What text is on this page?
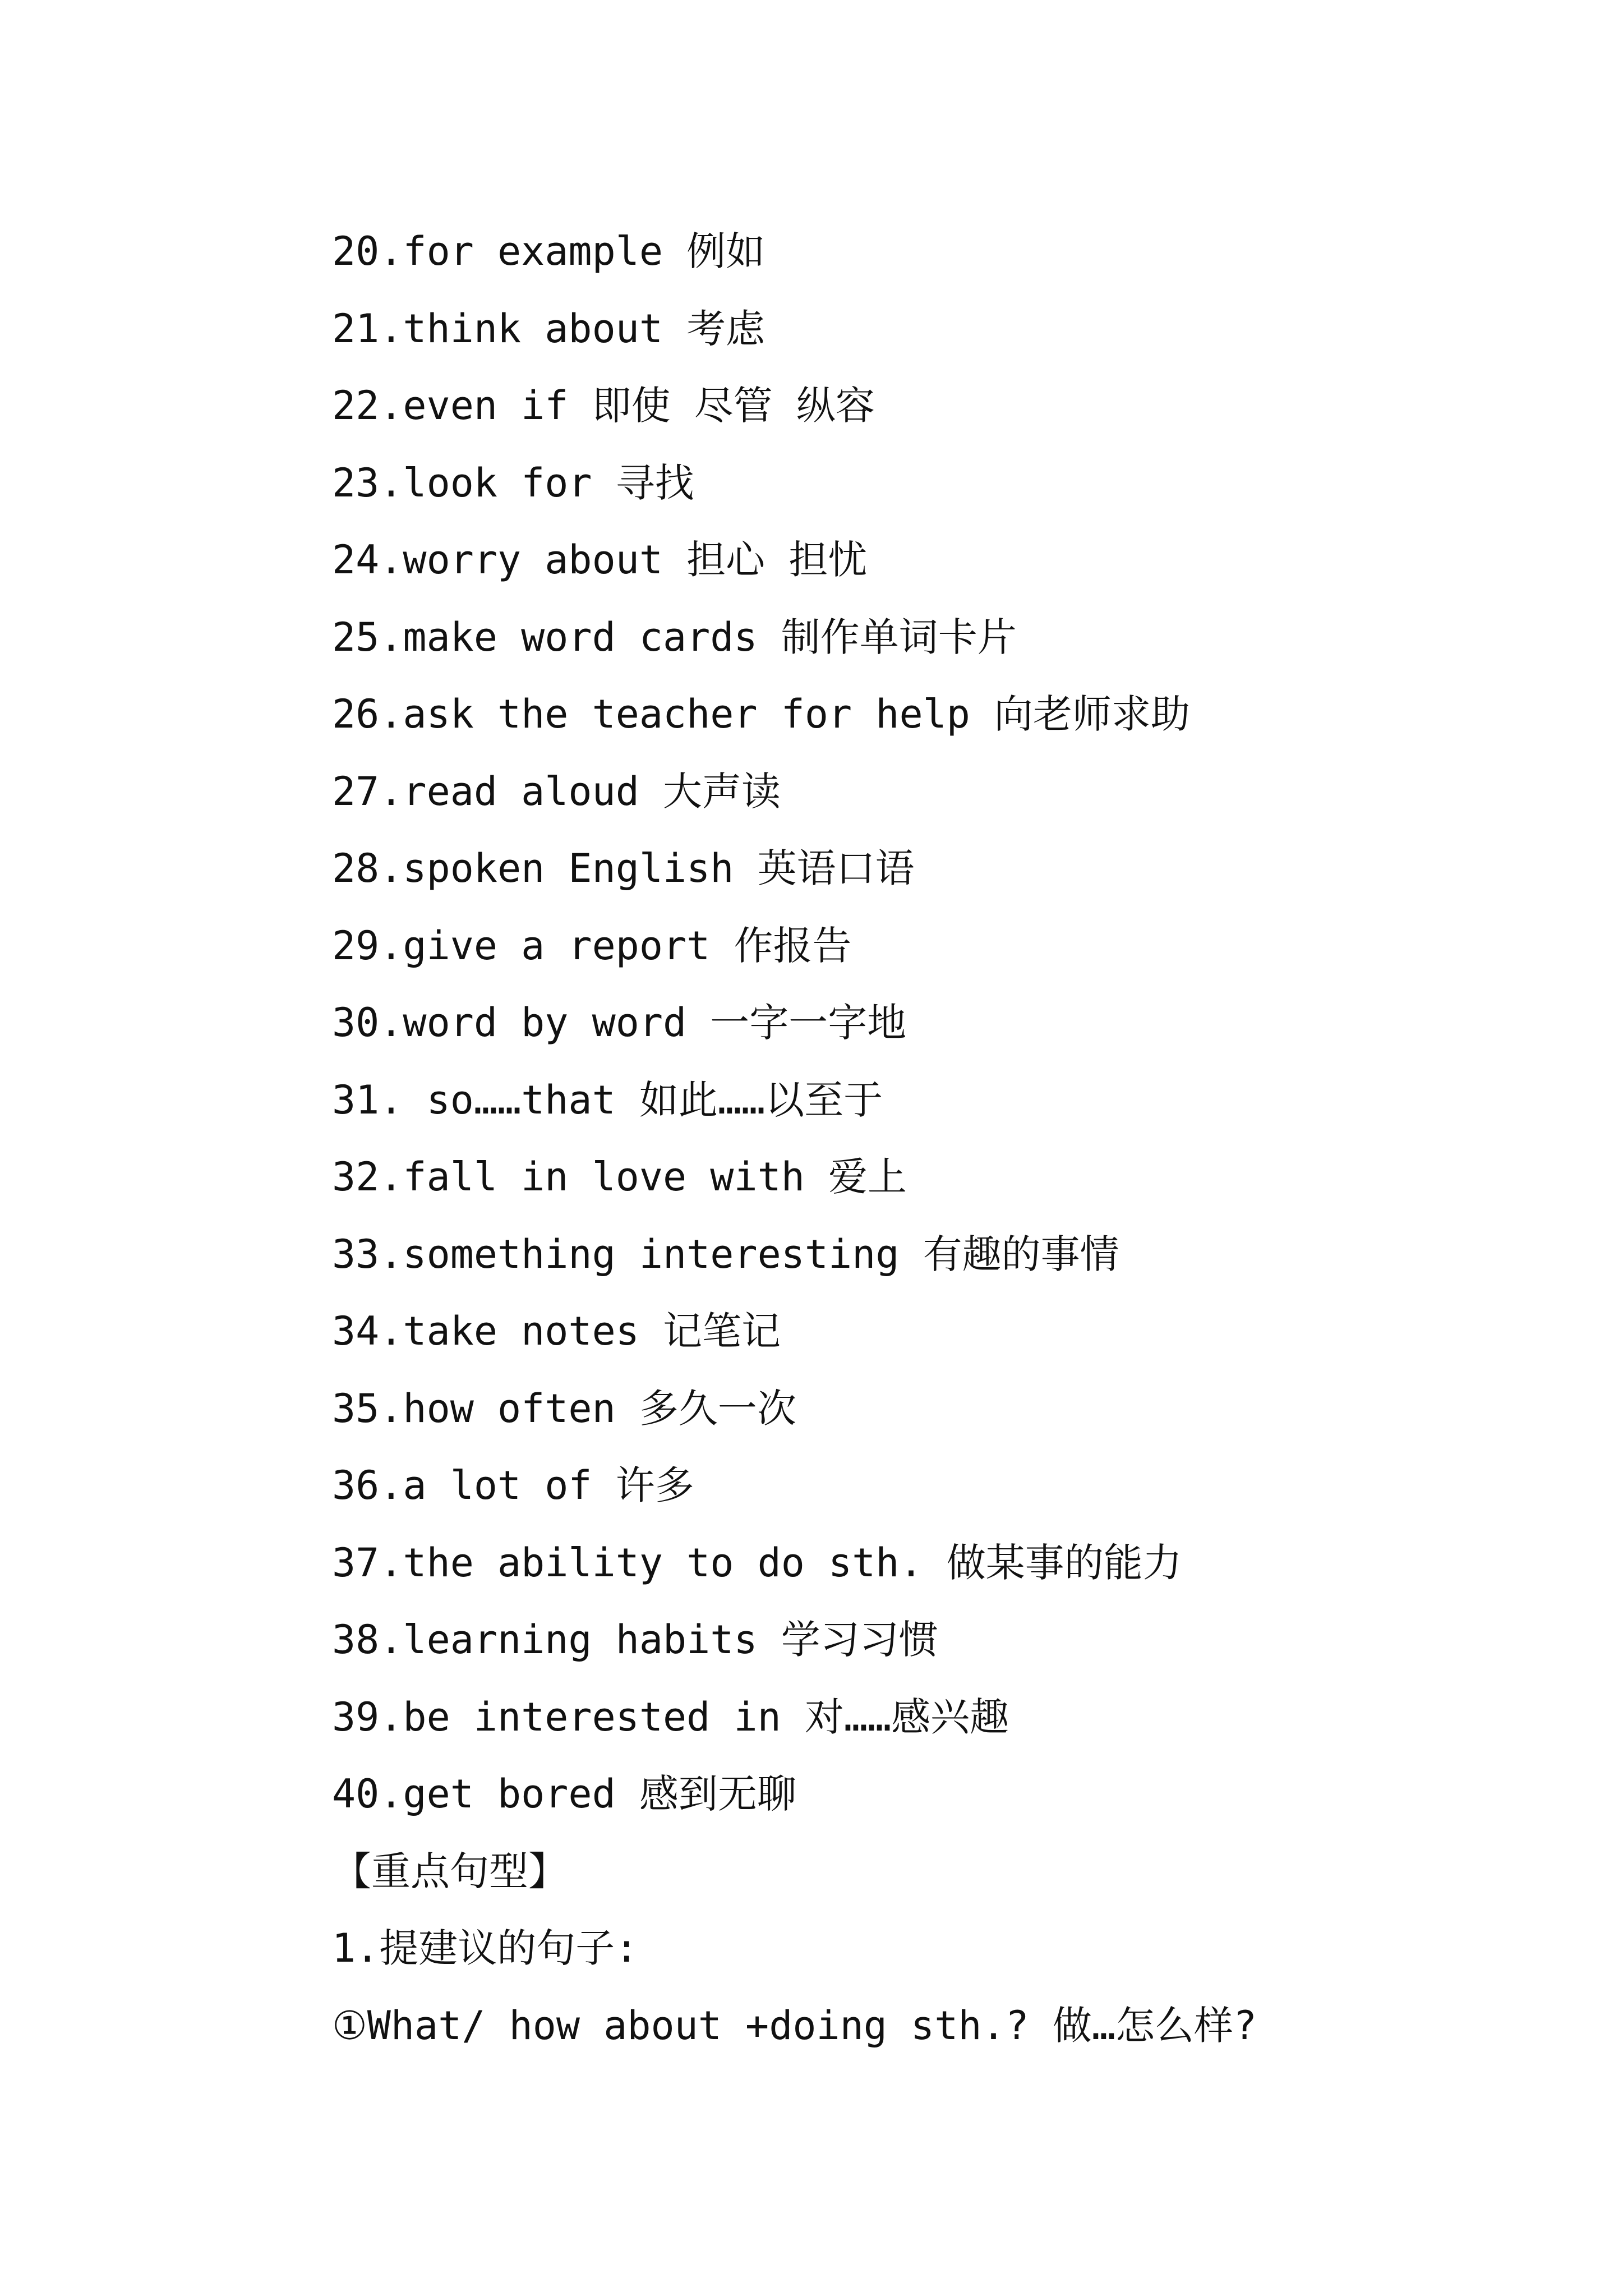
20.for example 例如
21.think about 考虑
22.even if 即使 尽管 纵容
23.look for 寻找
24.worry about 担心 担忧
25.make word cards 制作单词卡片
26.ask the teacher for help 向老师求助
27.read aloud 大声读
28.spoken English 英语口语
29.give a report 作报告
30.word by word 一字一字地
31. so……that 如此……以至于
32.fall in love with 爱上
33.something interesting 有趣的事情
34.take notes 记笔记
35.how often 多久一次
36.a lot of 许多
37.the ability to do sth. 做某事的能力
38.learning habits 学习习惯
39.be interested in 对……感兴趣
40.get bored 感到无聊
【重点句型】
1.提建议的句子:
①What/ how about +doing sth.? 做…怎么样?
